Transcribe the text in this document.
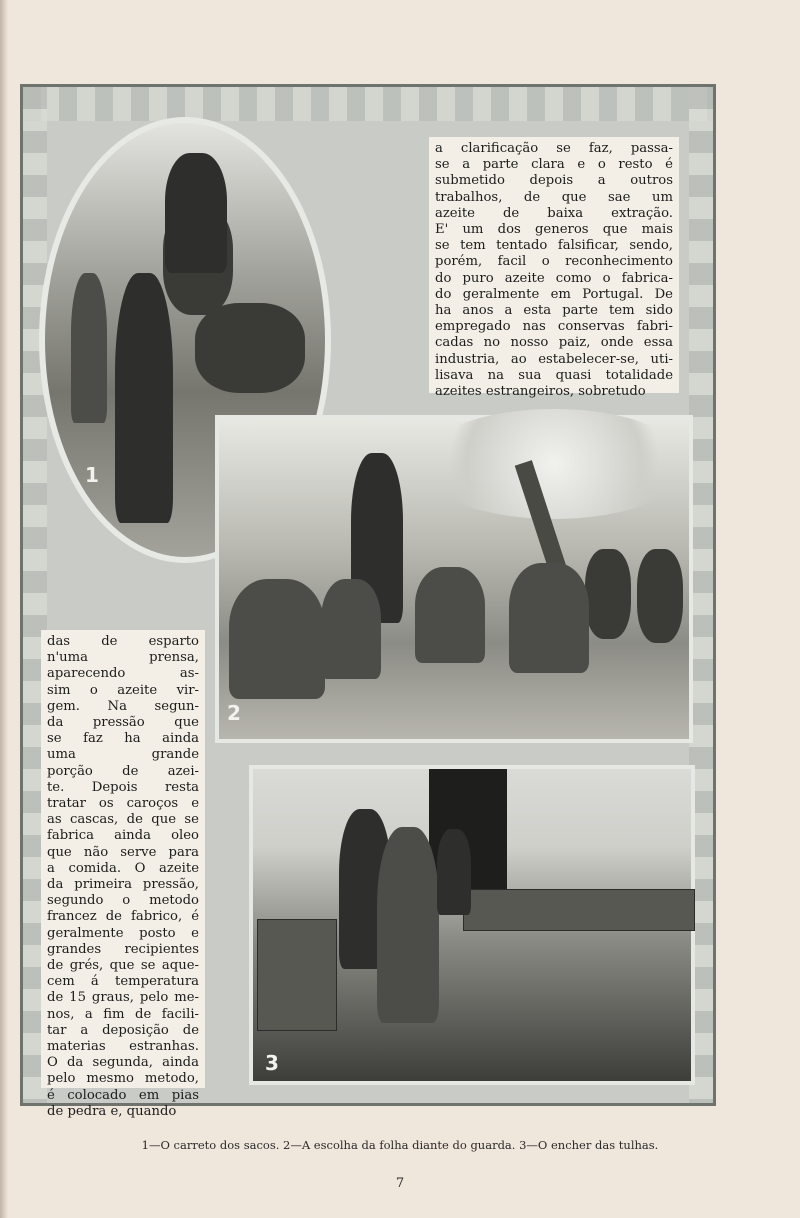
1
2
3
a clarificação se faz, passa-
se a parte clara e o resto é
submetido depois a outros
trabalhos, de que sae um
azeite de baixa extração.
E' um dos generos que mais
se tem tentado falsificar, sendo,
porém, facil o reconhecimento
do puro azeite como o fabrica-
do geralmente em Portugal. De
ha anos a esta parte tem sido
empregado nas conservas fabri-
cadas no nosso paiz, onde essa
industria, ao estabelecer-se, uti-
lisava na sua quasi totalidade
azeites estrangeiros, sobretudo
das de esparto
n'uma prensa,
aparecendo as-
sim o azeite vir-
gem. Na segun-
da pressão que
se faz ha ainda
uma grande
porção de azei-
te. Depois resta
tratar os caroços e
as cascas, de que se
fabrica ainda oleo
que não serve para
a comida. O azeite
da primeira pressão,
segundo o metodo
francez de fabrico, é
geralmente posto e
grandes recipientes
de grés, que se aque-
cem á temperatura
de 15 graus, pelo me-
nos, a fim de facili-
tar a deposição de
materias estranhas.
O da segunda, ainda
pelo mesmo metodo,
é colocado em pias
de pedra e, quando
1—O carreto dos sacos. 2—A escolha da folha diante do guarda. 3—O encher das tulhas.
7
